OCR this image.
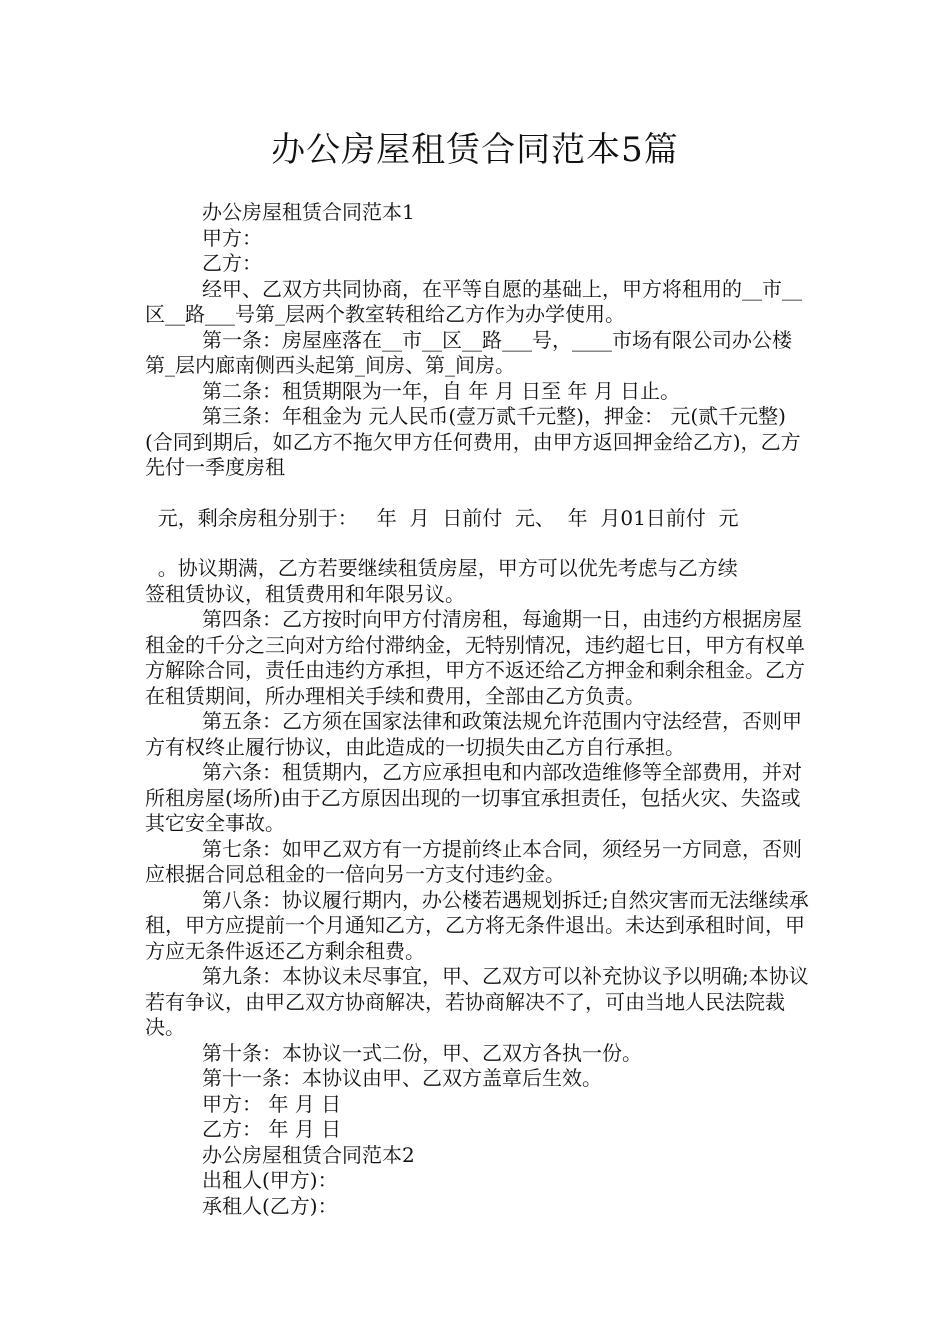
办公房屋租赁合同范本5篇

办公房屋租赁合同范本1

甲方：

乙方：

经甲、乙双方共同协商，在平等自愿的基础上，甲方将租用的__市__区__路___号第_层两个教室转租给乙方作为办学使用。

第一条：房屋座落在__市__区__路___号，____市场有限公司办公楼第_层内廊南侧西头起第_间房、第_间房。

第二条：租赁期限为一年，自 年 月 日至 年 月 日止。

第三条：年租金为 元人民币(壹万贰千元整)，押金： 元(贰千元整)(合同到期后，如乙方不拖欠甲方任何费用，由甲方返回押金给乙方)，乙方先付一季度房租

元，剩余房租分别于：   年  月  日前付  元、  年  月01日前付  元

。协议期满，乙方若要继续租赁房屋，甲方可以优先考虑与乙方续

签租赁协议，租赁费用和年限另议。

第四条：乙方按时向甲方付清房租，每逾期一日，由违约方根据房屋租金的千分之三向对方给付滞纳金，无特别情况，违约超七日，甲方有权单方解除合同，责任由违约方承担，甲方不返还给乙方押金和剩余租金。乙方在租赁期间，所办理相关手续和费用，全部由乙方负责。

第五条：乙方须在国家法律和政策法规允许范围内守法经营，否则甲方有权终止履行协议，由此造成的一切损失由乙方自行承担。

第六条：租赁期内，乙方应承担电和内部改造维修等全部费用，并对所租房屋(场所)由于乙方原因出现的一切事宜承担责任，包括火灾、失盗或其它安全事故。

第七条：如甲乙双方有一方提前终止本合同，须经另一方同意，否则应根据合同总租金的一倍向另一方支付违约金。

第八条：协议履行期内，办公楼若遇规划拆迁;自然灾害而无法继续承租，甲方应提前一个月通知乙方，乙方将无条件退出。未达到承租时间，甲方应无条件返还乙方剩余租费。

第九条：本协议未尽事宜，甲、乙双方可以补充协议予以明确;本协议若有争议，由甲乙双方协商解决，若协商解决不了，可由当地人民法院裁决。

第十条：本协议一式二份，甲、乙双方各执一份。

第十一条：本协议由甲、乙双方盖章后生效。

甲方： 年 月 日

乙方： 年 月 日

办公房屋租赁合同范本2

出租人(甲方)：

承租人(乙方)：
